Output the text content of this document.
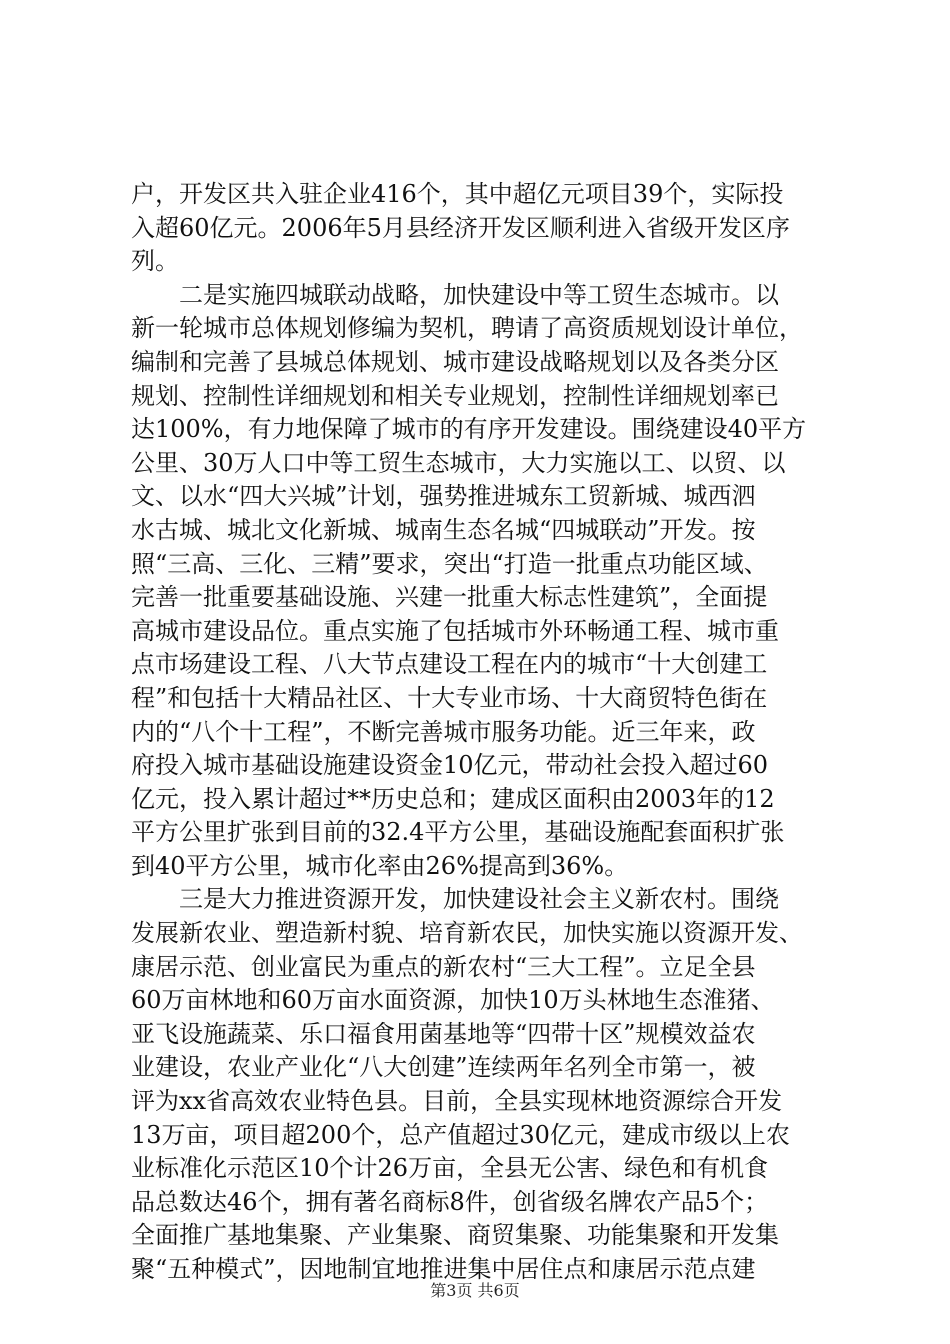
户，开发区共入驻企业416个，其中超亿元项目39个，实际投
入超60亿元。2006年5月县经济开发区顺利进入省级开发区序
列。
　　二是实施四城联动战略，加快建设中等工贸生态城市。以
新一轮城市总体规划修编为契机，聘请了高资质规划设计单位，
编制和完善了县城总体规划、城市建设战略规划以及各类分区
规划、控制性详细规划和相关专业规划，控制性详细规划率已
达100%，有力地保障了城市的有序开发建设。围绕建设40平方
公里、30万人口中等工贸生态城市，大力实施以工、以贸、以
文、以水“四大兴城”计划，强势推进城东工贸新城、城西泗
水古城、城北文化新城、城南生态名城“四城联动”开发。按
照“三高、三化、三精”要求，突出“打造一批重点功能区域、
完善一批重要基础设施、兴建一批重大标志性建筑”，全面提
高城市建设品位。重点实施了包括城市外环畅通工程、城市重
点市场建设工程、八大节点建设工程在内的城市“十大创建工
程”和包括十大精品社区、十大专业市场、十大商贸特色街在
内的“八个十工程”，不断完善城市服务功能。近三年来，政
府投入城市基础设施建设资金10亿元，带动社会投入超过60
亿元，投入累计超过**历史总和；建成区面积由2003年的12
平方公里扩张到目前的32.4平方公里，基础设施配套面积扩张
到40平方公里，城市化率由26%提高到36%。
　　三是大力推进资源开发，加快建设社会主义新农村。围绕
发展新农业、塑造新村貌、培育新农民，加快实施以资源开发、
康居示范、创业富民为重点的新农村“三大工程”。立足全县
60万亩林地和60万亩水面资源，加快10万头林地生态淮猪、
亚飞设施蔬菜、乐口福食用菌基地等“四带十区”规模效益农
业建设，农业产业化“八大创建”连续两年名列全市第一，被
评为xx省高效农业特色县。目前，全县实现林地资源综合开发
13万亩，项目超200个，总产值超过30亿元，建成市级以上农
业标准化示范区10个计26万亩，全县无公害、绿色和有机食
品总数达46个，拥有著名商标8件，创省级名牌农产品5个；
全面推广基地集聚、产业集聚、商贸集聚、功能集聚和开发集
聚“五种模式”，因地制宜地推进集中居住点和康居示范点建
第3页 共6页
